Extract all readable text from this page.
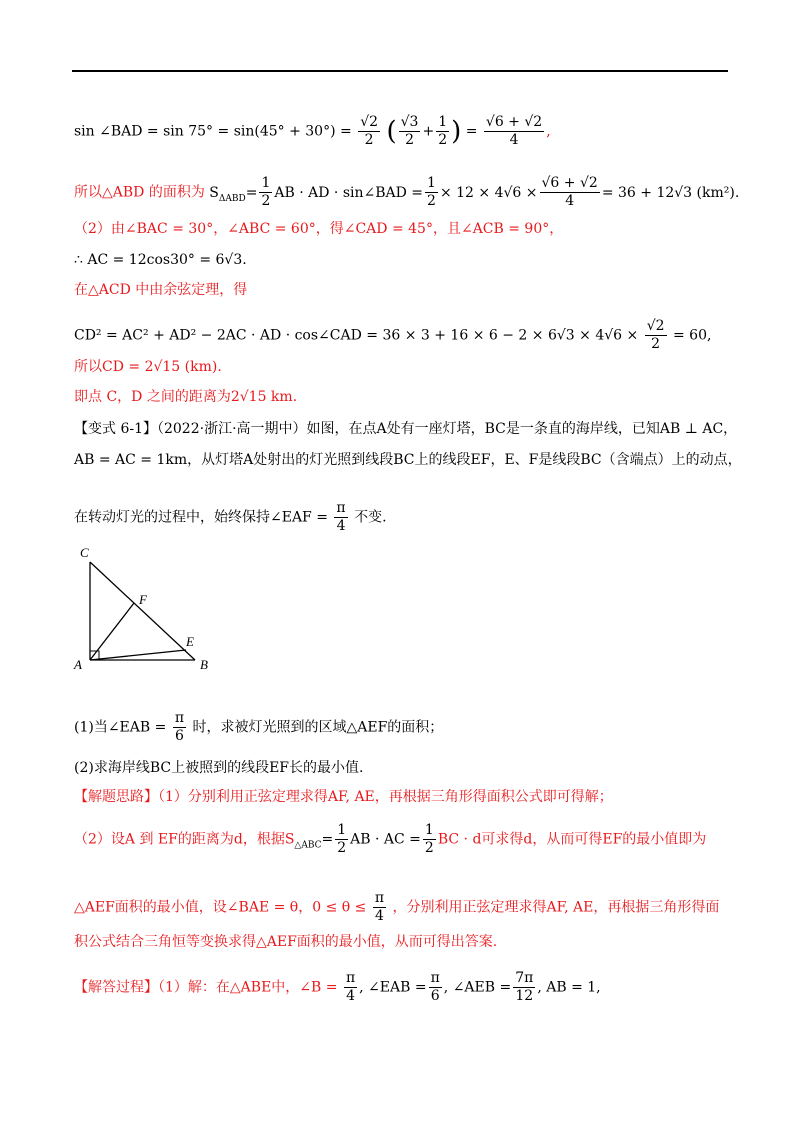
sin ∠BAD = $\sin 75^\circ = \sin(45^\circ + 30^\circ) = \frac{√2}{2}$ ( $\frac{√3}{2} + \frac{1}{2}$ ) = $\frac{√6 + √2}{4}$ ,
所以△ABD 的面积为 $S_{\Delta ABD}= \frac{1}{2}$ AB · AD · sin∠BAD = $\frac{1}{2} \times 12 \times 4√6 \times \frac{√6 + √2}{4} = 36 + 12√3$ (km²).
（2）由∠BAC = 30°，∠ABC = 60°，得∠CAD = 45°，且∠ACB = 90°，
∴ AC = 12cos30° = 6√3.
在△ACD 中由余弦定理，得
CD² = AC² + AD² − 2AC · AD · cos∠CAD = $36 \times 3 + 16 \times 6 - 2 \times 6√3 \times 4√6 \times \frac{√2}{2} = 60$,
所以CD = 2√15 (km).
即点 C，D 之间的距离为2√15 km.
【变式 6-1】（2022·浙江·高一期中）如图，在点A处有一座灯塔，BC是一条直的海岸线，已知AB ⊥ AC，
AB = AC = 1km，从灯塔A处射出的灯光照到线段BC上的线段EF，E、F是线段BC（含端点）上的动点，
在转动灯光的过程中，始终保持∠EAF = $\frac{\pi}{4}$ 不变.
C
F
E
A	B
(1)当∠EAB = $\frac{\pi}{6}$ 时，求被灯光照到的区域△AEF的面积；
(2)求海岸线BC上被照到的线段EF长的最小值.
【解题思路】（1）分别利用正弦定理求得AF, AE，再根据三角形得面积公式即可得解；
（2）设A 到 EF的距离为d，根据$S_{\triangle ABC}= \frac{1}{2}$ AB · AC = $\frac{1}{2}$ BC · d可求得d，从而可得EF的最小值即为
△AEF面积的最小值，设∠BAE = θ，$0 \le \theta \le \frac{\pi}{4}$ ，分别利用正弦定理求得AF, AE，再根据三角形得面
积公式结合三角恒等变换求得△AEF面积的最小值，从而可得出答案.
【解答过程】（1）解：在△ABE中，∠B = $\frac{\pi}{4}$ , ∠EAB = $\frac{\pi}{6}$ , ∠AEB = $\frac{7\pi}{12}$ , AB = 1,
